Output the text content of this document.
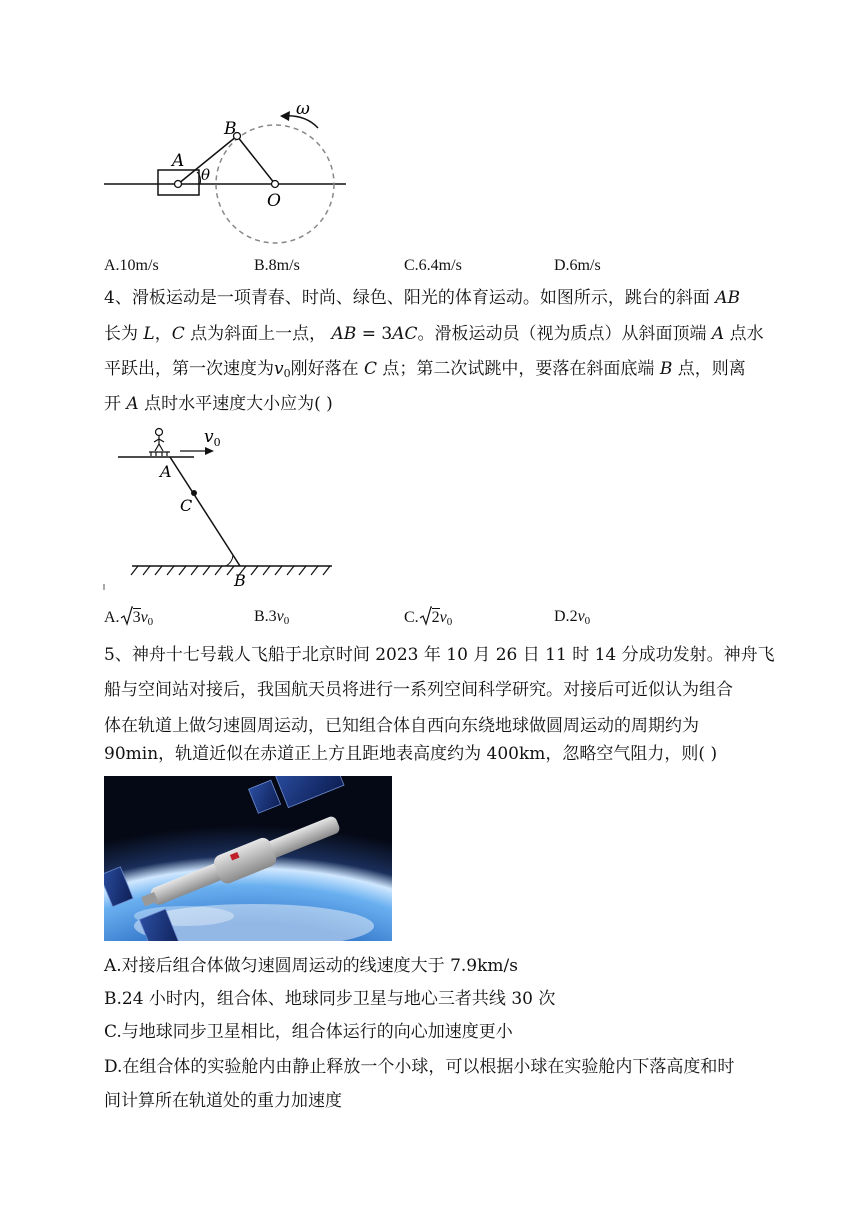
ω
A
B
θ
O
A.10m/s	B.8m/s	C.6.4m/s	D.6m/s
4、滑板运动是一项青春、时尚、绿色、阳光的体育运动。如图所示，跳台的斜面 AB
长为 L，C 点为斜面上一点， AB = 3AC。滑板运动员（视为质点）从斜面顶端 A 点水
平跃出，第一次速度为$v_0$刚好落在 C 点；第二次试跳中，要落在斜面底端 B 点，则离
开 A 点时水平速度大小应为( )
$v_0$
A
C
B
A. $3v_0$	$B.3v_0$	C. $2v_0$	$D.2v_0$
5、神舟十七号载人飞船于北京时间 2023 年 10 月 26 日 11 时 14 分成功发射。神舟飞
船与空间站对接后，我国航天员将进行一系列空间科学研究。对接后可近似认为组合
体在轨道上做匀速圆周运动，已知组合体自西向东绕地球做圆周运动的周期约为
90min，轨道近似在赤道正上方且距地表高度约为 400km，忽略空气阻力，则( )
A.对接后组合体做匀速圆周运动的线速度大于 7.9km/s
B.24 小时内，组合体、地球同步卫星与地心三者共线 30 次
C.与地球同步卫星相比，组合体运行的向心加速度更小
D.在组合体的实验舱内由静止释放一个小球，可以根据小球在实验舱内下落高度和时
间计算所在轨道处的重力加速度
